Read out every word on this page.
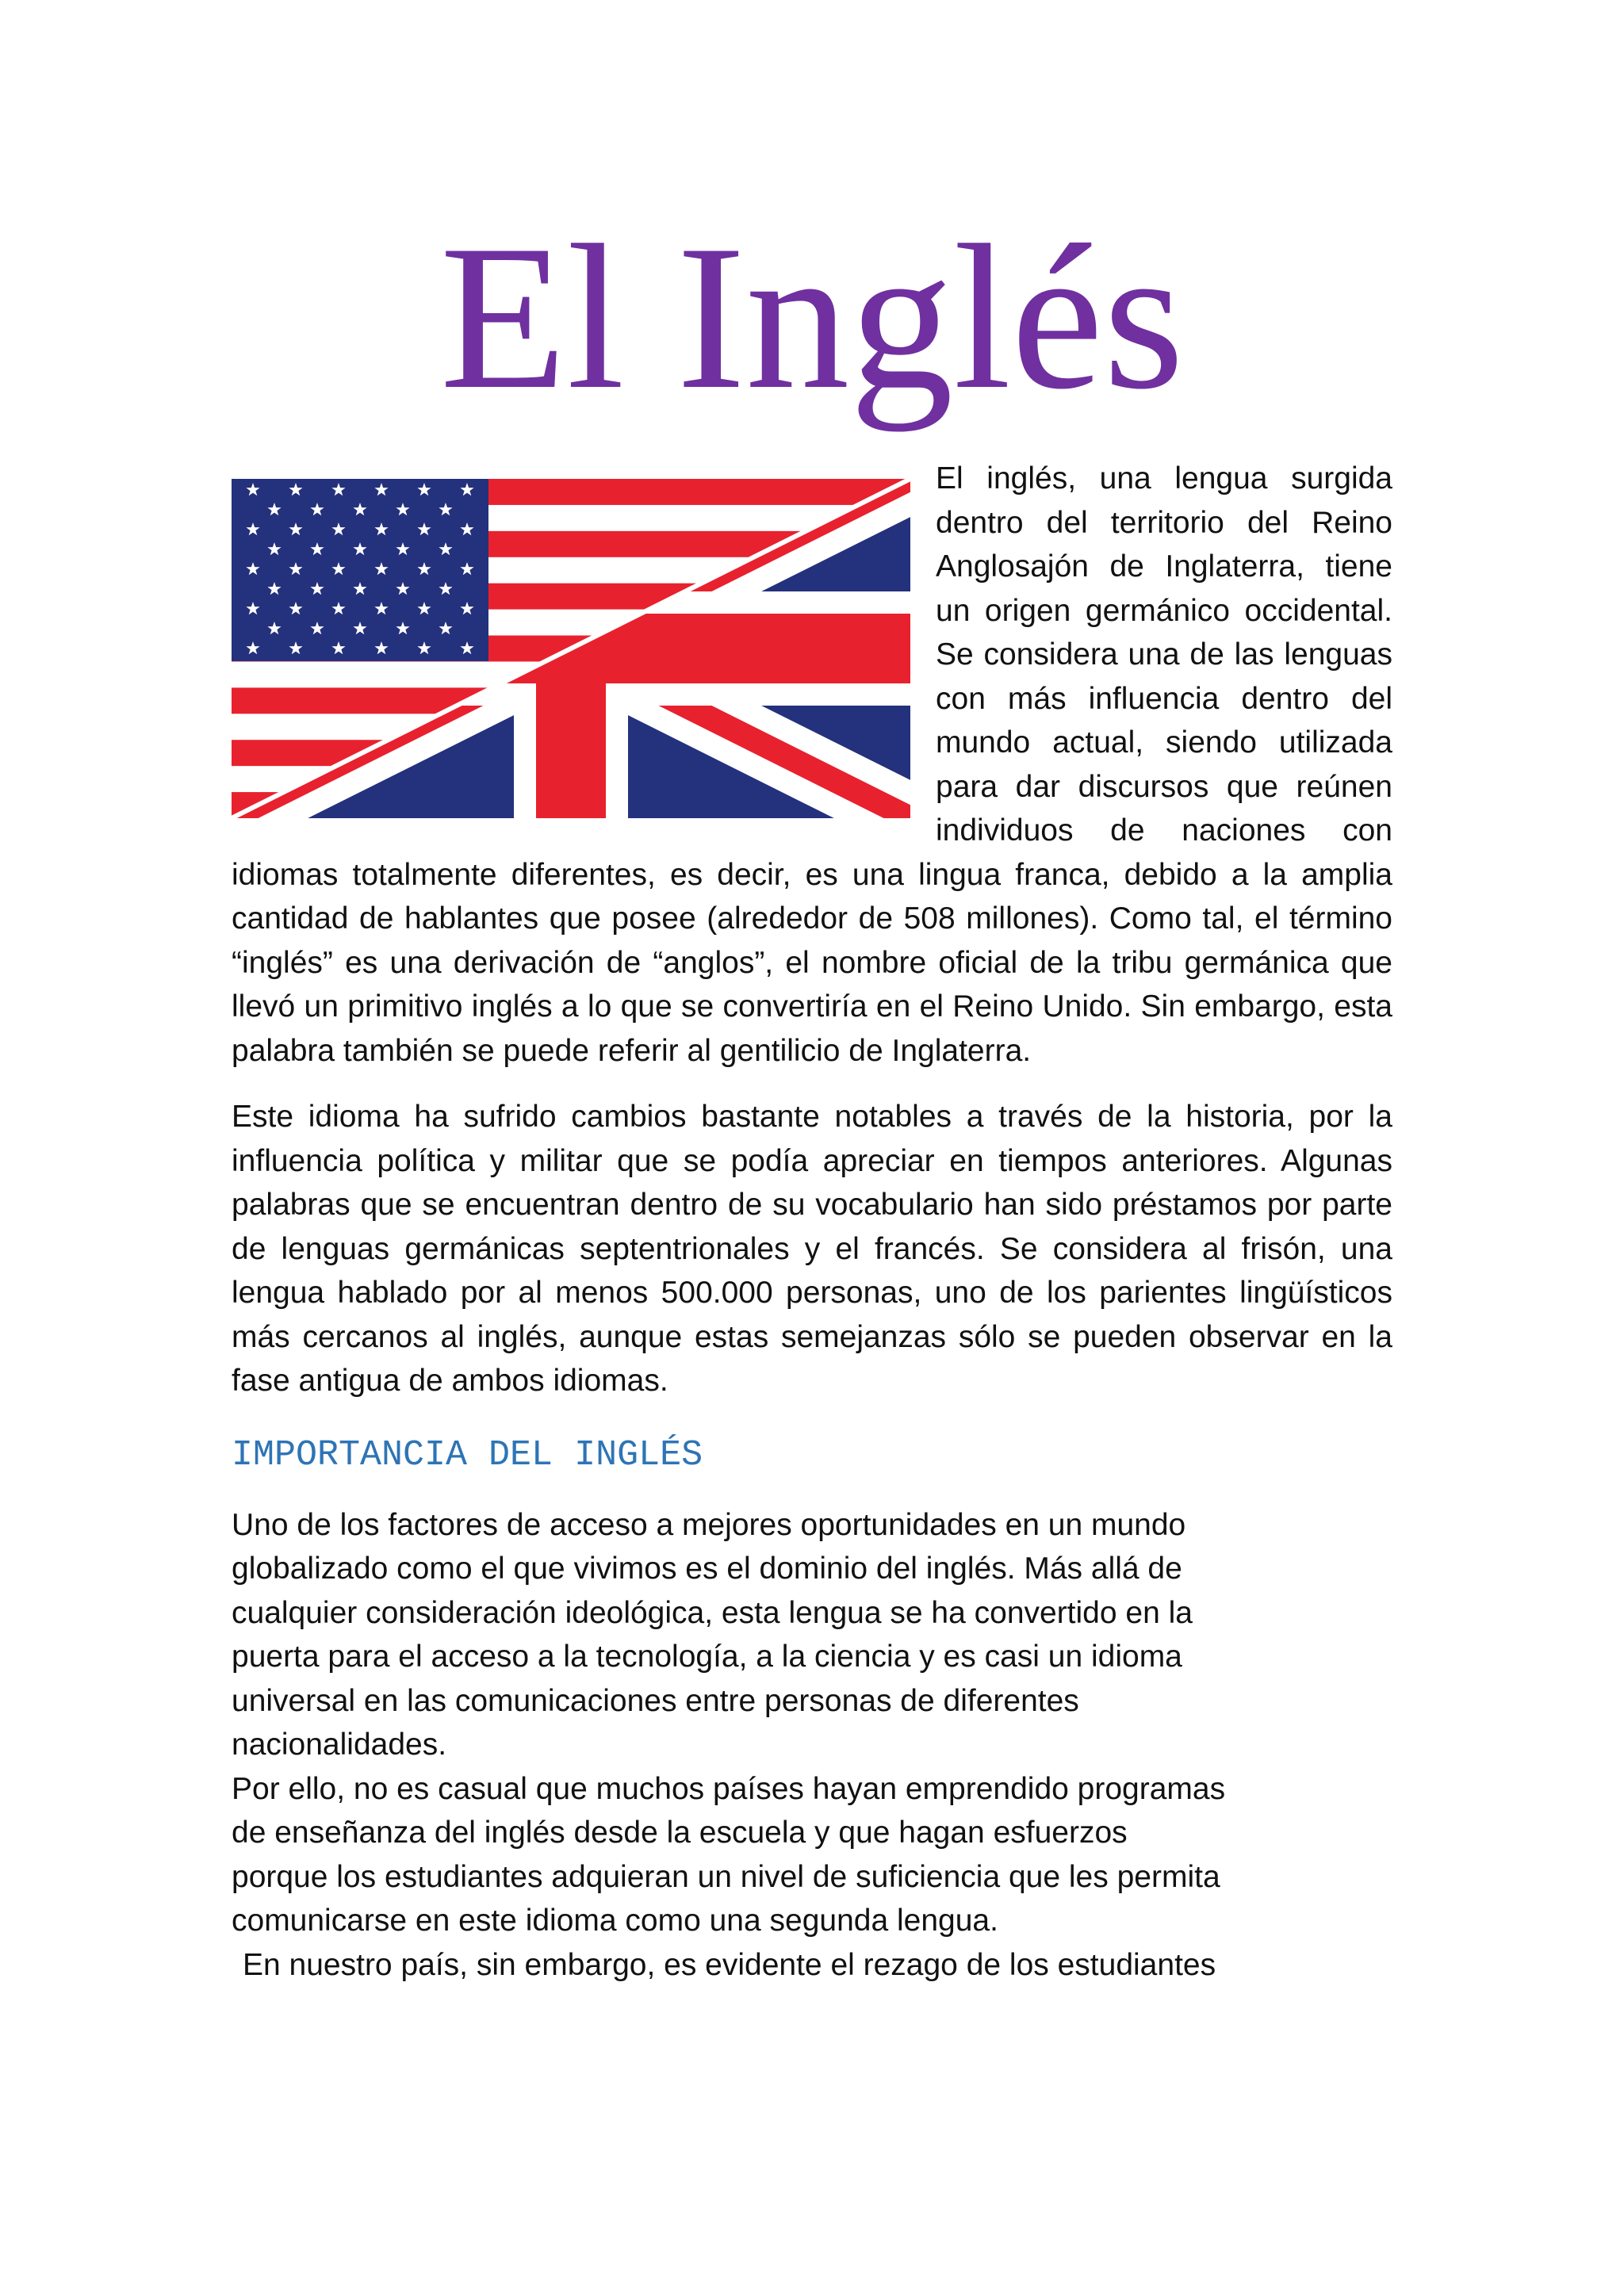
El Inglés

El inglés, una lengua surgida dentro del territorio del Reino Anglosajón de Inglaterra, tiene un origen germánico occidental. Se considera una de las lenguas con más influencia dentro del mundo actual, siendo utilizada para dar discursos que reúnen individuos de naciones con idiomas totalmente diferentes, es decir, es una lingua franca, debido a la amplia cantidad de hablantes que posee (alrededor de 508 millones). Como tal, el término “inglés” es una derivación de “anglos”, el nombre oficial de la tribu germánica que llevó un primitivo inglés a lo que se convertiría en el Reino Unido. Sin embargo, esta palabra también se puede referir al gentilicio de Inglaterra.

Este idioma ha sufrido cambios bastante notables a través de la historia, por la influencia política y militar que se podía apreciar en tiempos anteriores. Algunas palabras que se encuentran dentro de su vocabulario han sido préstamos por parte de lenguas germánicas septentrionales y el francés. Se considera al frisón, una lengua hablado por al menos 500.000 personas, uno de los parientes lingüísticos más cercanos al inglés, aunque estas semejanzas sólo se pueden observar en la fase antigua de ambos idiomas.

IMPORTANCIA DEL INGLÉS
Uno de los factores de acceso a mejores oportunidades en un mundo
globalizado como el que vivimos es el dominio del inglés. Más allá de
cualquier consideración ideológica, esta lengua se ha convertido en la
puerta para el acceso a la tecnología, a la ciencia y es casi un idioma
universal en las comunicaciones entre personas de diferentes
nacionalidades.
Por ello, no es casual que muchos países hayan emprendido programas
de enseñanza del inglés desde la escuela y que hagan esfuerzos
porque los estudiantes adquieran un nivel de suficiencia que les permita
comunicarse en este idioma como una segunda lengua.
En nuestro país, sin embargo, es evidente el rezago de los estudiantes
